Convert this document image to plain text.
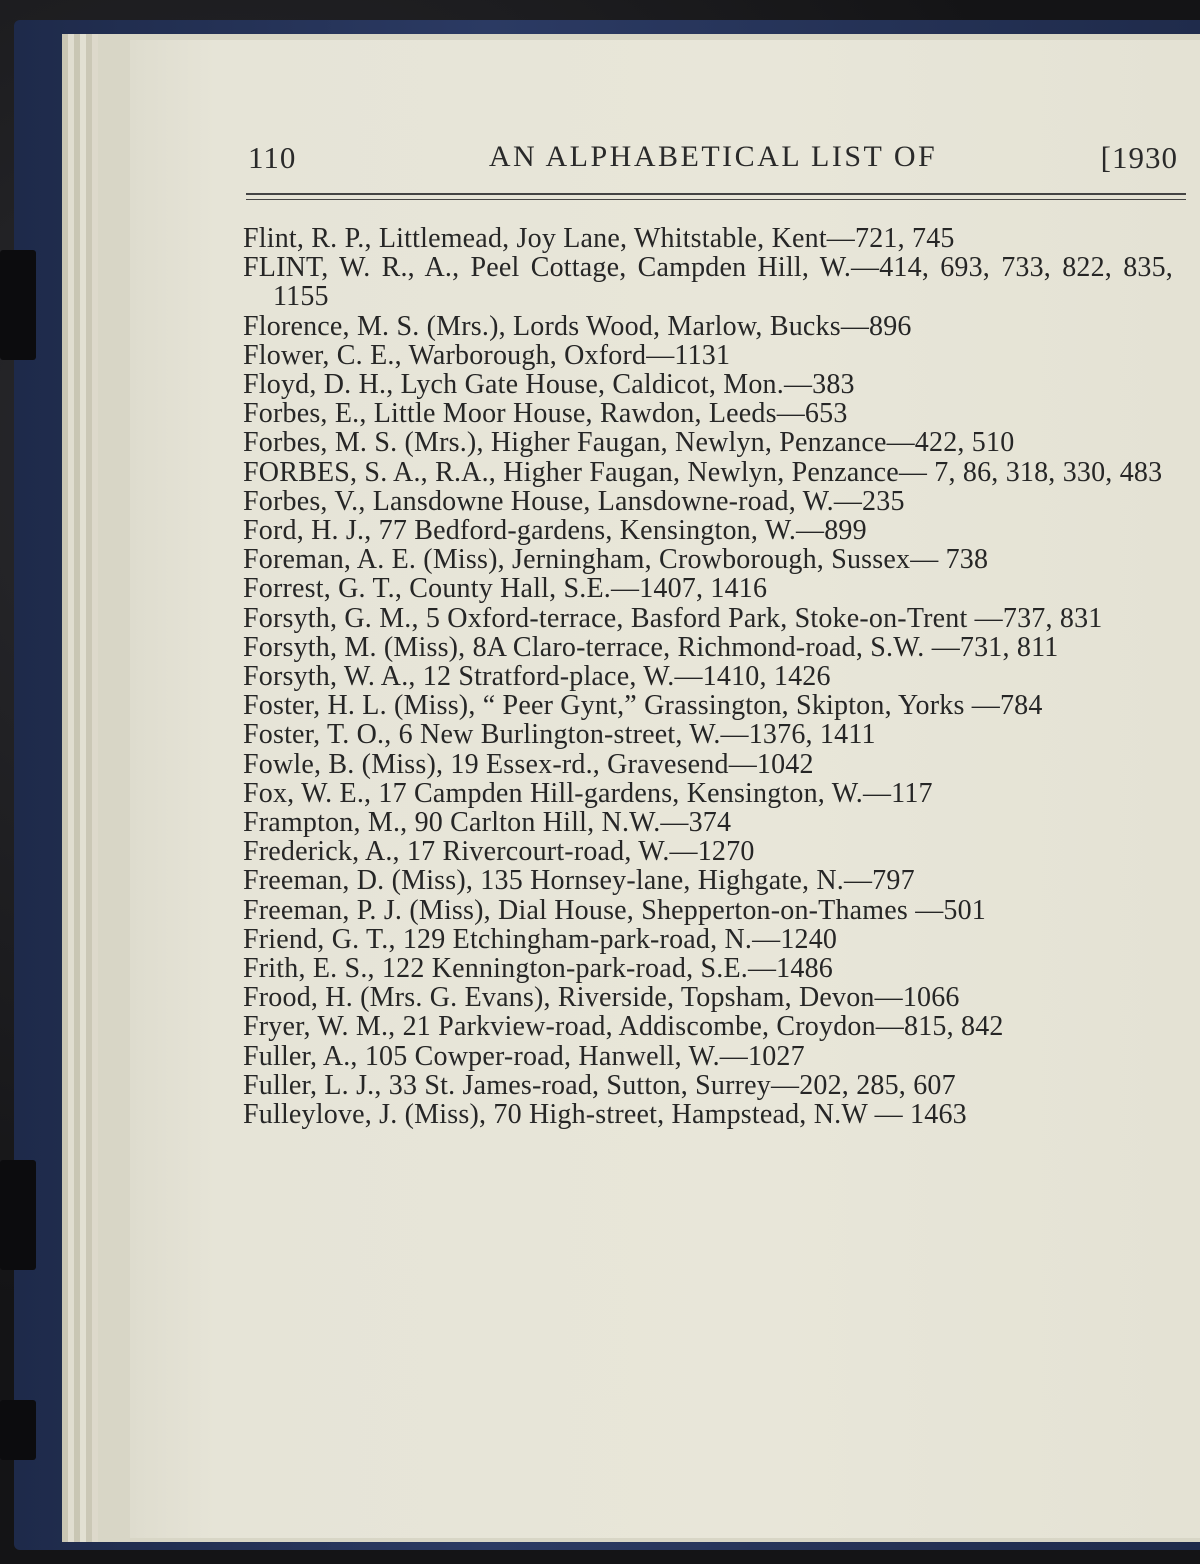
110	AN ALPHABETICAL LIST OF	[1930

Flint, R. P., Littlemead, Joy Lane, Whitstable, Kent—721, 745

FLINT, W. R., A., Peel Cottage, Campden Hill, W.—414, 693, 733, 822, 835, 1155

Florence, M. S. (Mrs.), Lords Wood, Marlow, Bucks—896

Flower, C. E., Warborough, Oxford—1131

Floyd, D. H., Lych Gate House, Caldicot, Mon.—383

Forbes, E., Little Moor House, Rawdon, Leeds—653

Forbes, M. S. (Mrs.), Higher Faugan, Newlyn, Penzance—422, 510

FORBES, S. A., R.A., Higher Faugan, Newlyn, Penzance— 7, 86, 318, 330, 483

Forbes, V., Lansdowne House, Lansdowne-road, W.—235

Ford, H. J., 77 Bedford-gardens, Kensington, W.—899

Foreman, A. E. (Miss), Jerningham, Crowborough, Sussex— 738

Forrest, G. T., County Hall, S.E.—1407, 1416

Forsyth, G. M., 5 Oxford-terrace, Basford Park, Stoke-on-Trent —737, 831

Forsyth, M. (Miss), 8A Claro-terrace, Richmond-road, S.W. —731, 811

Forsyth, W. A., 12 Stratford-place, W.—1410, 1426

Foster, H. L. (Miss), “ Peer Gynt,” Grassington, Skipton, Yorks —784

Foster, T. O., 6 New Burlington-street, W.—1376, 1411

Fowle, B. (Miss), 19 Essex-rd., Gravesend—1042

Fox, W. E., 17 Campden Hill-gardens, Kensington, W.—117

Frampton, M., 90 Carlton Hill, N.W.—374

Frederick, A., 17 Rivercourt-road, W.—1270

Freeman, D. (Miss), 135 Hornsey-lane, Highgate, N.—797

Freeman, P. J. (Miss), Dial House, Shepperton-on-Thames —501

Friend, G. T., 129 Etchingham-park-road, N.—1240

Frith, E. S., 122 Kennington-park-road, S.E.—1486

Frood, H. (Mrs. G. Evans), Riverside, Topsham, Devon—1066

Fryer, W. M., 21 Parkview-road, Addiscombe, Croydon—815, 842

Fuller, A., 105 Cowper-road, Hanwell, W.—1027

Fuller, L. J., 33 St. James-road, Sutton, Surrey—202, 285, 607

Fulleylove, J. (Miss), 70 High-street, Hampstead, N.W — 1463
